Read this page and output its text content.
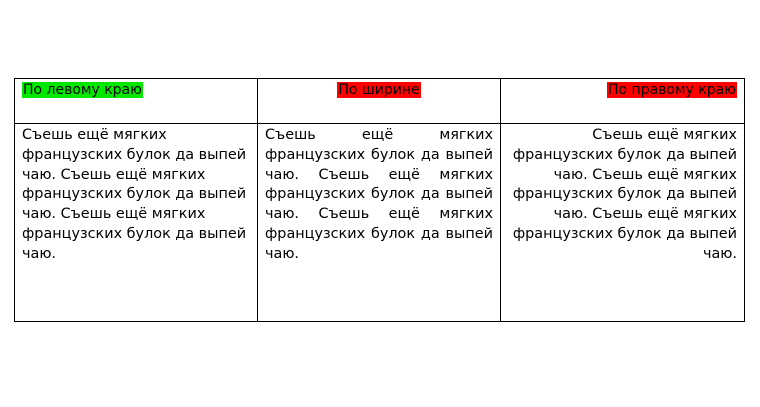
По левому краю	По ширине	По правому краю

Съешь ещё мягких французских булок да выпей чаю. Съешь ещё мягких французских булок да выпей чаю. Съешь ещё мягких французских булок да выпей чаю.	Съешь ещё мягких французских булок да выпей чаю. Съешь ещё мягких французских булок да выпей чаю. Съешь ещё мягких французских булок да выпей чаю.	Съешь ещё мягких французских булок да выпей чаю. Съешь ещё мягких французских булок да выпей чаю. Съешь ещё мягких французских булок да выпей чаю.
